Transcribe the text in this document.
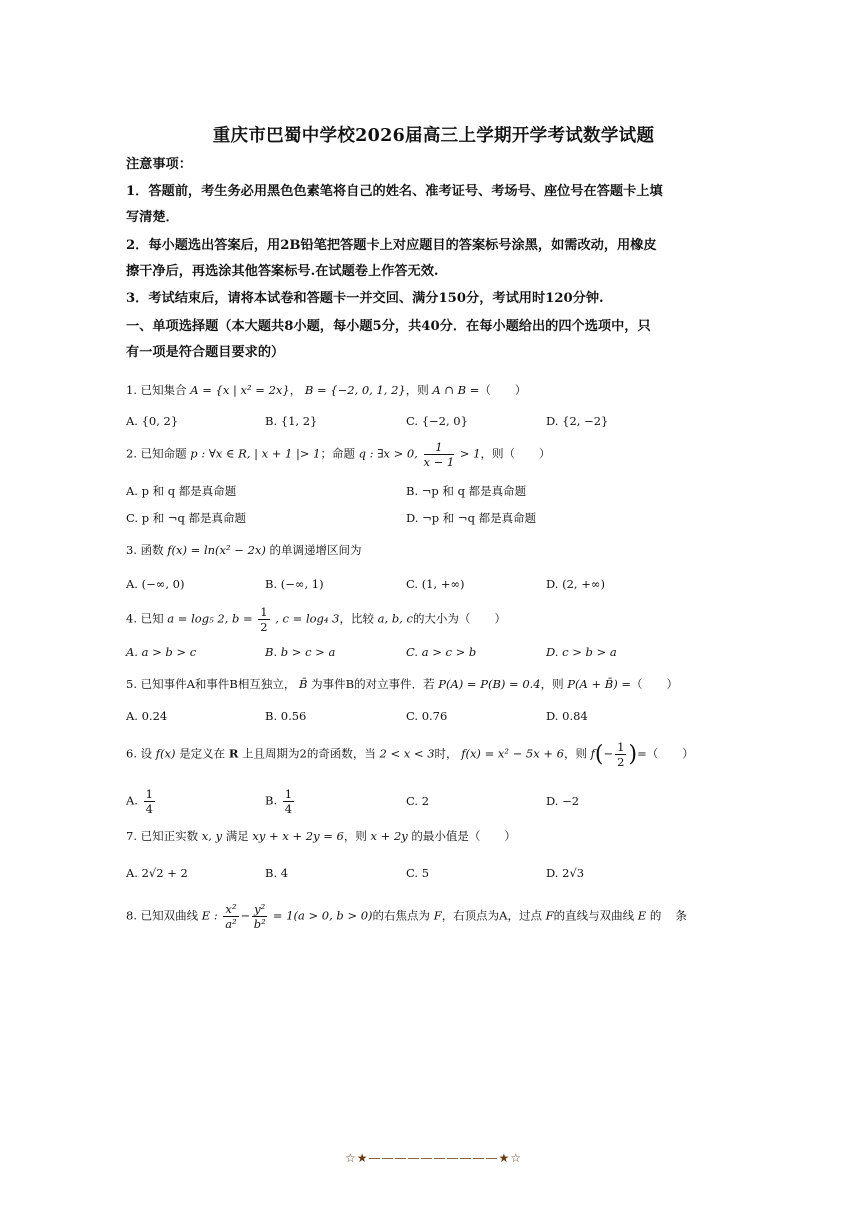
重庆市巴蜀中学校2026届高三上学期开学考试数学试题
注意事项：
1．答题前，考生务必用黑色色素笔将自己的姓名、准考证号、考场号、座位号在答题卡上填
写清楚．
2．每小题选出答案后，用2B铅笔把答题卡上对应题目的答案标号涂黑，如需改动，用橡皮
擦干净后，再选涂其他答案标号.在试题卷上作答无效.
3．考试结束后，请将本试卷和答题卡一并交回、满分150分，考试用时120分钟.
一、单项选择题（本大题共8小题，每小题5分，共40分．在每小题给出的四个选项中，只
有一项是符合题目要求的）
1. 已知集合 A = {x | x² = 2x}， B = {−2, 0, 1, 2}，则 A ∩ B =（ ）
A. {0, 2}	B. {1, 2}	C. {−2, 0}	D. {2, −2}
2. 已知命题 p : ∀x ∈ R, | x + 1 |> 1；命题 q : ∃x > 0, $\frac{1}{x - 1} > 1$，则（ ）
A. p 和 q 都是真命题	B. ¬p 和 q 都是真命题
C. p 和 ¬q 都是真命题	D. ¬p 和 ¬q 都是真命题
3. 函数 f(x) = ln(x² − 2x) 的单调递增区间为
A. (−∞, 0)	B. (−∞, 1)	C. (1, +∞)	D. (2, +∞)
4. 已知 a = log₅ 2, $b = \frac{1}{2}$ , c = log₄ 3，比较 a, b, c的大小为（ ）
A. a > b > c	B. b > c > a	C. a > c > b	D. c > b > a
5. 已知事件A和事件B相互独立， B̄ 为事件B的对立事件．若 P(A) = P(B) = 0.4，则 P(A + B̄) =（ ）
A. 0.24	B. 0.56	C. 0.76	D. 0.84
6. 设 f(x) 是定义在 R 上且周期为2的奇函数，当 2 < x < 3时， f(x) = x² − 5x + 6，则 $f(- \frac{1}{2}$ )=（ ）
A. $\frac{1}{4}$	B. $\frac{1}{4}$	C. 2	D. −2
7. 已知正实数 x, y 满足 xy + x + 2y = 6，则 x + 2y 的最小值是（ ）
A. 2√2 + 2	B. 4	C. 5	D. 2√3
8. 已知双曲线 E : $\frac{\text{x²}}{\text{a²}} - \frac{\text{y²}}{\text{b²}} = 1(a > 0$, b > 0)的右焦点为 F，右顶点为A，过点 F的直线与双曲线 E 的 条
☆★——————————★☆
